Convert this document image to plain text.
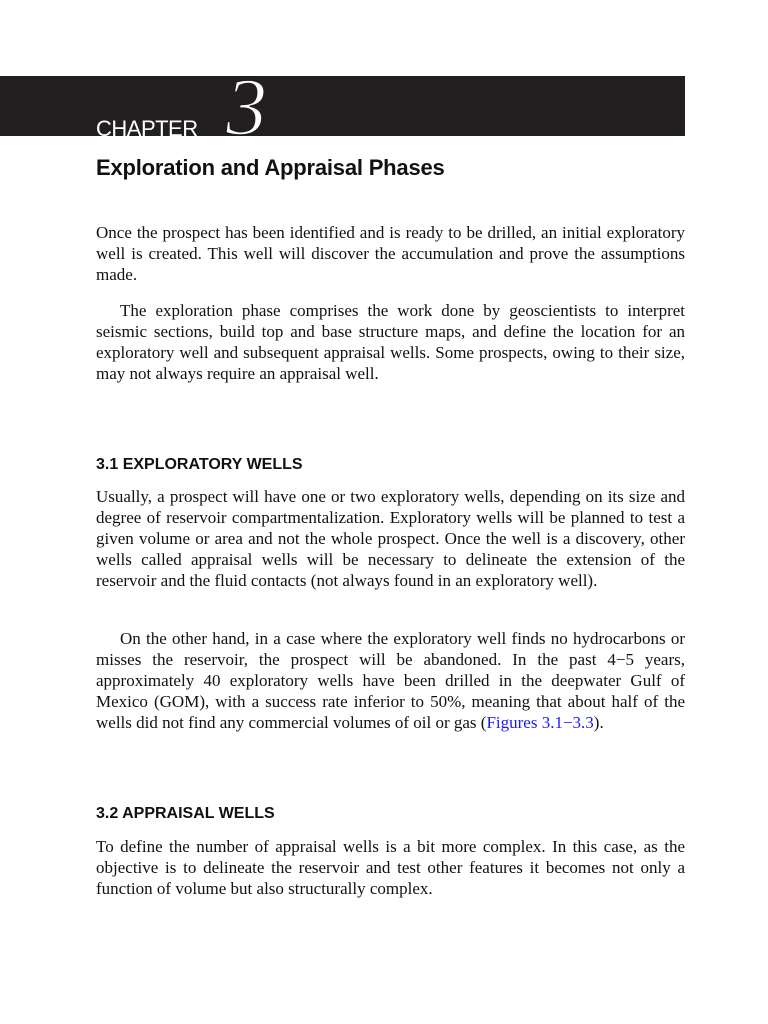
CHAPTER 3
Exploration and Appraisal Phases

Once the prospect has been identified and is ready to be drilled, an initial exploratory well is created. This well will discover the accumulation and prove the assumptions made.

The exploration phase comprises the work done by geoscientists to interpret seismic sections, build top and base structure maps, and define the location for an exploratory well and subsequent appraisal wells. Some prospects, owing to their size, may not always require an appraisal well.

3.1 EXPLORATORY WELLS

Usually, a prospect will have one or two exploratory wells, depending on its size and degree of reservoir compartmentalization. Exploratory wells will be planned to test a given volume or area and not the whole prospect. Once the well is a discovery, other wells called appraisal wells will be necessary to delineate the extension of the reservoir and the fluid contacts (not always found in an exploratory well).

On the other hand, in a case where the exploratory well finds no hydrocarbons or misses the reservoir, the prospect will be abandoned. In the past 4−5 years, approximately 40 exploratory wells have been drilled in the deepwater Gulf of Mexico (GOM), with a success rate inferior to 50%, meaning that about half of the wells did not find any commercial volumes of oil or gas (Figures 3.1−3.3).

3.2 APPRAISAL WELLS

To define the number of appraisal wells is a bit more complex. In this case, as the objective is to delineate the reservoir and test other features it becomes not only a function of volume but also structurally complex.
